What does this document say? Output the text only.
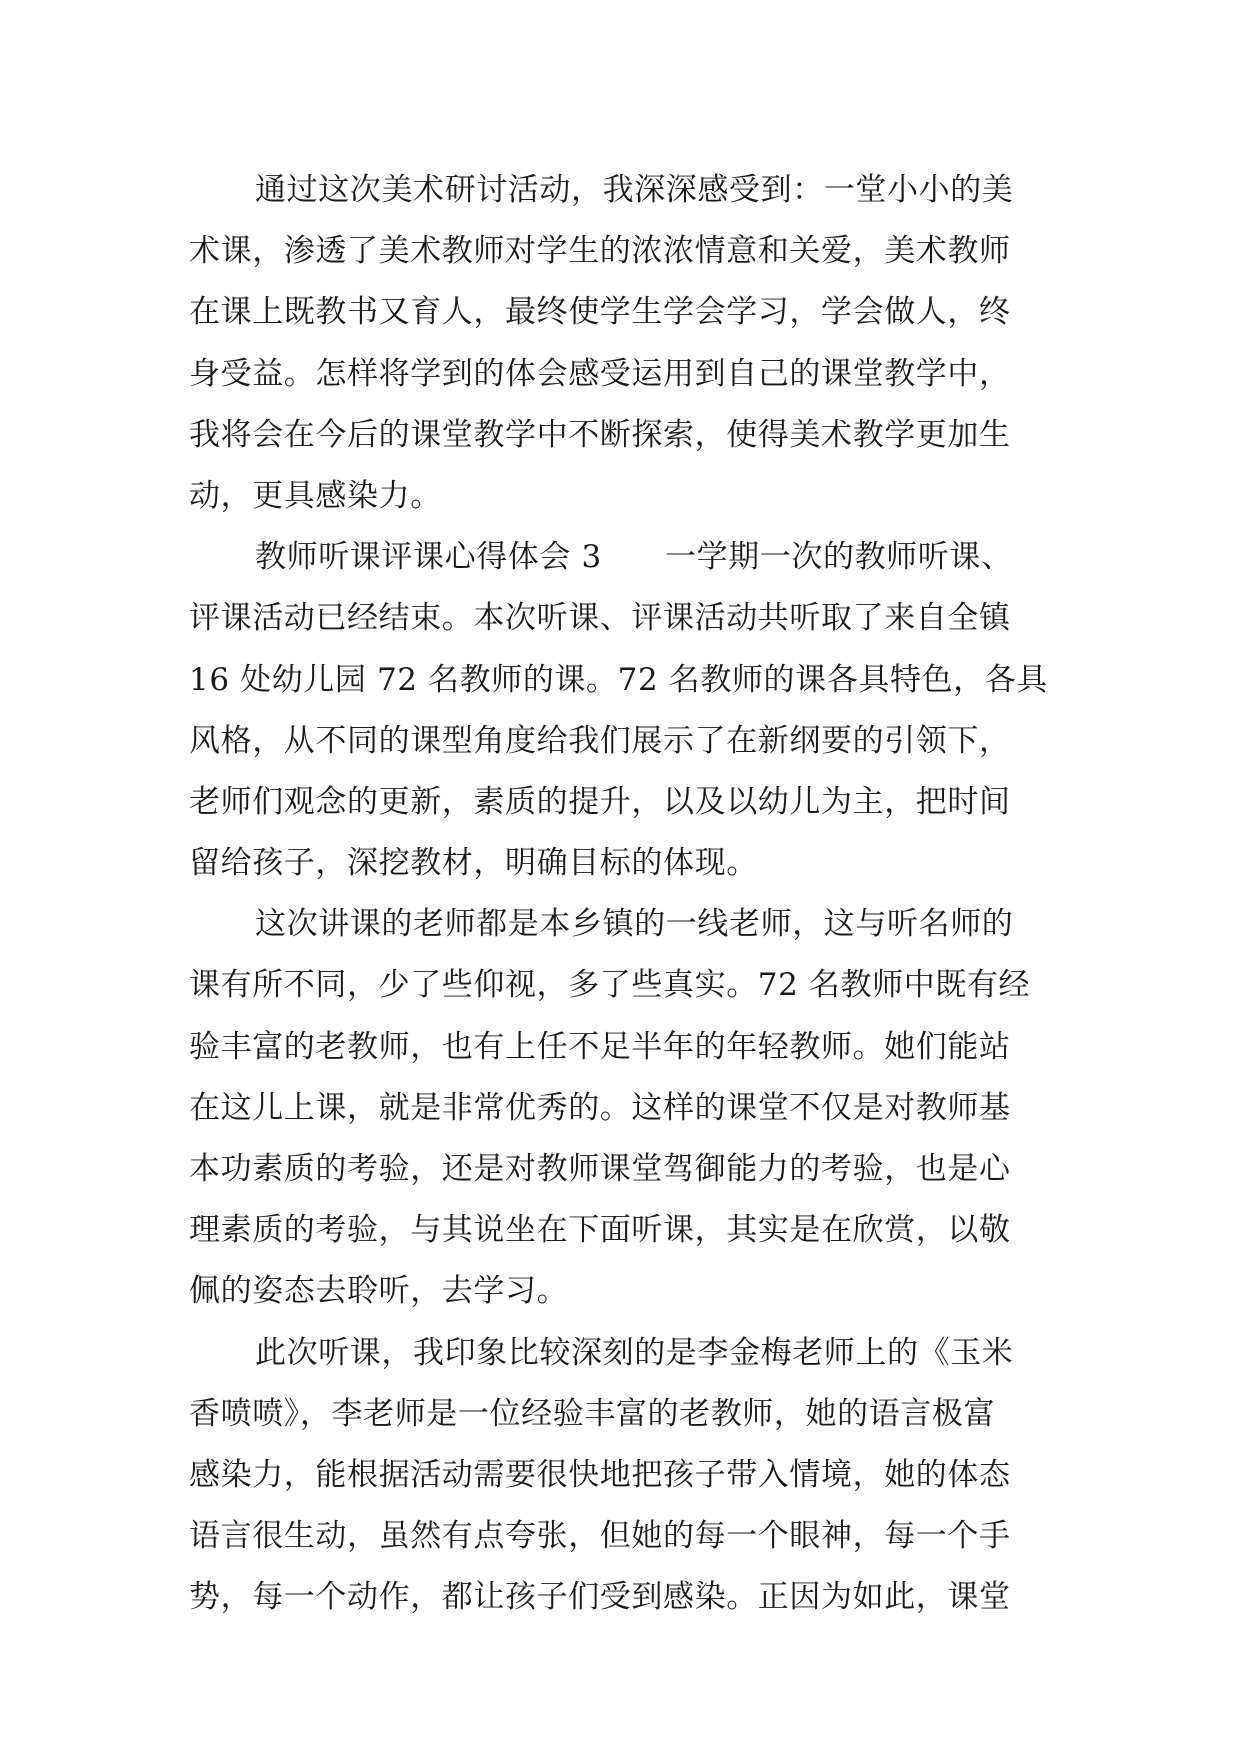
通过这次美术研讨活动，我深深感受到：一堂小小的美
术课，渗透了美术教师对学生的浓浓情意和关爱，美术教师
在课上既教书又育人，最终使学生学会学习，学会做人，终
身受益。怎样将学到的体会感受运用到自己的课堂教学中，
我将会在今后的课堂教学中不断探索，使得美术教学更加生
动，更具感染力。
教师听课评课心得体会 3　　一学期一次的教师听课、
评课活动已经结束。本次听课、评课活动共听取了来自全镇
16 处幼儿园 72 名教师的课。72 名教师的课各具特色，各具
风格，从不同的课型角度给我们展示了在新纲要的引领下，
老师们观念的更新，素质的提升，以及以幼儿为主，把时间
留给孩子，深挖教材，明确目标的体现。
这次讲课的老师都是本乡镇的一线老师，这与听名师的
课有所不同，少了些仰视，多了些真实。72 名教师中既有经
验丰富的老教师，也有上任不足半年的年轻教师。她们能站
在这儿上课，就是非常优秀的。这样的课堂不仅是对教师基
本功素质的考验，还是对教师课堂驾御能力的考验，也是心
理素质的考验，与其说坐在下面听课，其实是在欣赏，以敬
佩的姿态去聆听，去学习。
此次听课，我印象比较深刻的是李金梅老师上的《玉米
香喷喷》，李老师是一位经验丰富的老教师，她的语言极富
感染力，能根据活动需要很快地把孩子带入情境，她的体态
语言很生动，虽然有点夸张，但她的每一个眼神，每一个手
势，每一个动作，都让孩子们受到感染。正因为如此，课堂
